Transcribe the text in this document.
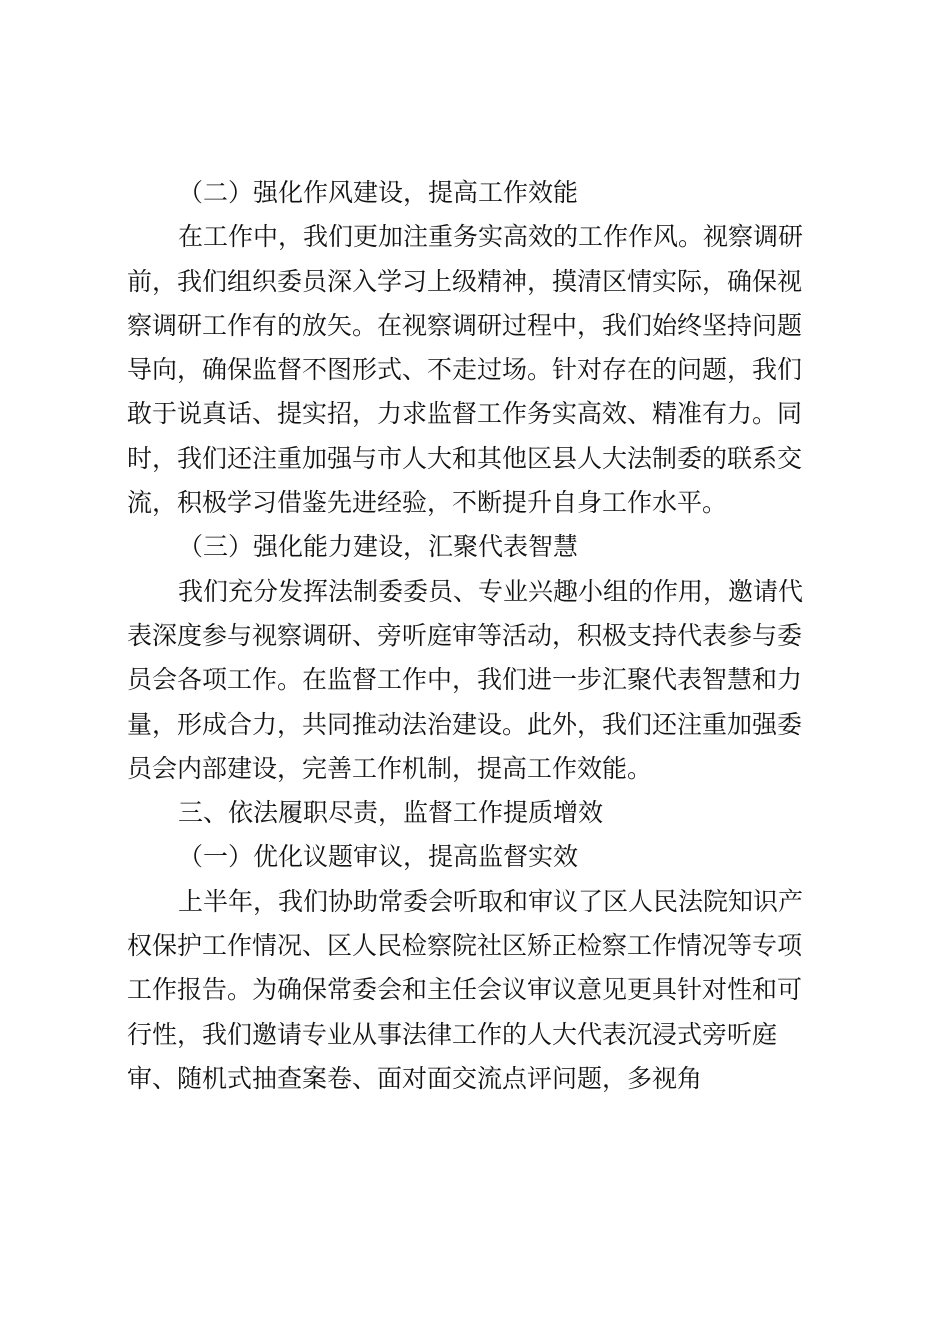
（二）强化作风建设，提高工作效能
在工作中，我们更加注重务实高效的工作作风。视察调研
前，我们组织委员深入学习上级精神，摸清区情实际，确保视
察调研工作有的放矢。在视察调研过程中，我们始终坚持问题
导向，确保监督不图形式、不走过场。针对存在的问题，我们
敢于说真话、提实招，力求监督工作务实高效、精准有力。同
时，我们还注重加强与市人大和其他区县人大法制委的联系交
流，积极学习借鉴先进经验，不断提升自身工作水平。
（三）强化能力建设，汇聚代表智慧
我们充分发挥法制委委员、专业兴趣小组的作用，邀请代
表深度参与视察调研、旁听庭审等活动，积极支持代表参与委
员会各项工作。在监督工作中，我们进一步汇聚代表智慧和力
量，形成合力，共同推动法治建设。此外，我们还注重加强委
员会内部建设，完善工作机制，提高工作效能。
三、依法履职尽责，监督工作提质增效
（一）优化议题审议，提高监督实效
上半年，我们协助常委会听取和审议了区人民法院知识产
权保护工作情况、区人民检察院社区矫正检察工作情况等专项
工作报告。为确保常委会和主任会议审议意见更具针对性和可
行性，我们邀请专业从事法律工作的人大代表沉浸式旁听庭
审、随机式抽查案卷、面对面交流点评问题，多视角
